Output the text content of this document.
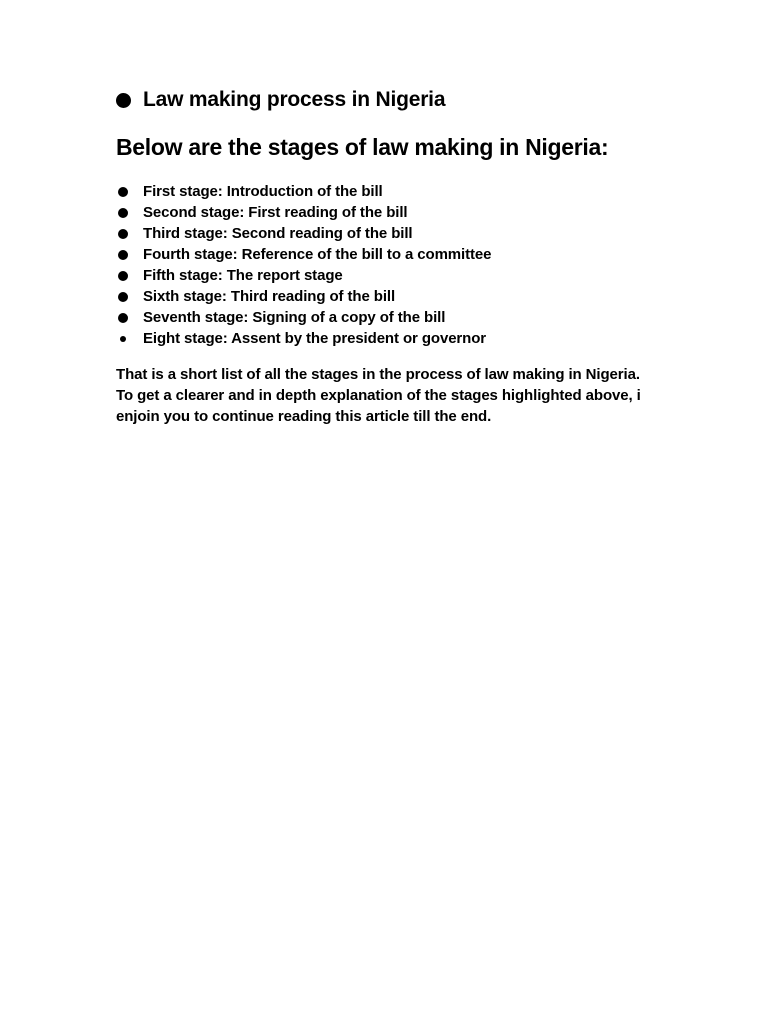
Law making process in Nigeria
Below are the stages of law making in Nigeria:
First stage: Introduction of the bill
Second stage: First reading of the bill
Third stage: Second reading of the bill
Fourth stage: Reference of the bill to a committee
Fifth stage: The report stage
Sixth stage: Third reading of the bill
Seventh stage: Signing of a copy of the bill
Eight stage: Assent by the president or governor

That is a short list of all the stages in the process of law making in Nigeria. To get a clearer and in depth explanation of the stages highlighted above, i enjoin you to continue reading this article till the end.
